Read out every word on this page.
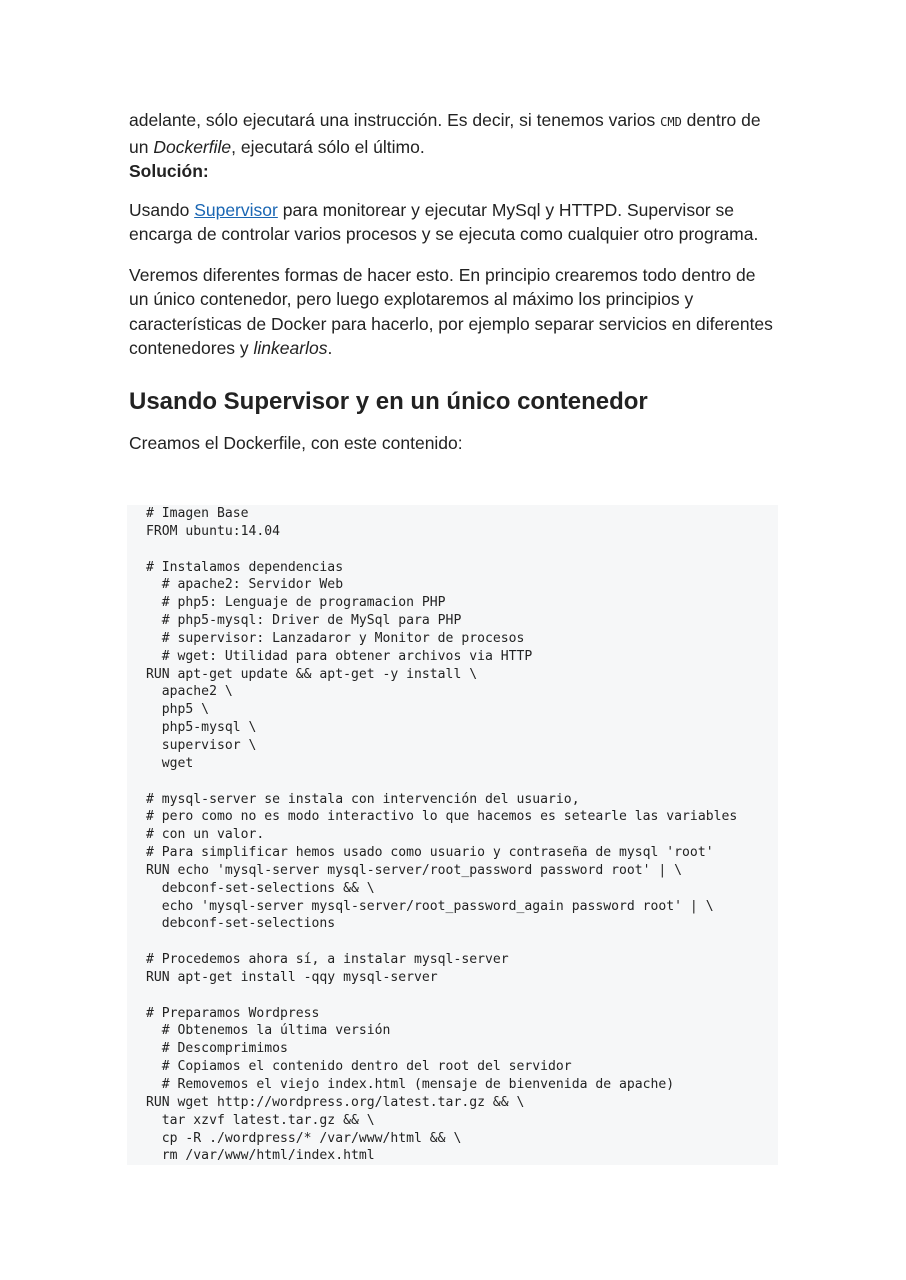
adelante, sólo ejecutará una instrucción. Es decir, si tenemos varios CMD dentro de un Dockerfile, ejecutará sólo el último.

Solución:

Usando Supervisor para monitorear y ejecutar MySql y HTTPD. Supervisor se encarga de controlar varios procesos y se ejecuta como cualquier otro programa.

Veremos diferentes formas de hacer esto. En principio crearemos todo dentro de un único contenedor, pero luego explotaremos al máximo los principios y características de Docker para hacerlo, por ejemplo separar servicios en diferentes contenedores y linkearlos.

Usando Supervisor y en un único contenedor

Creamos el Dockerfile, con este contenido:

# Imagen Base
FROM ubuntu:14.04

# Instalamos dependencias
# apache2: Servidor Web
# php5: Lenguaje de programacion PHP
# php5-mysql: Driver de MySql para PHP
# supervisor: Lanzadaror y Monitor de procesos
# wget: Utilidad para obtener archivos via HTTP
RUN apt-get update && apt-get -y install \
apache2 \
php5 \
php5-mysql \
supervisor \
wget

# mysql-server se instala con intervención del usuario,
# pero como no es modo interactivo lo que hacemos es setearle las variables
# con un valor.
# Para simplificar hemos usado como usuario y contraseña de mysql 'root'
RUN echo 'mysql-server mysql-server/root_password password root' | \
debconf-set-selections && \
echo 'mysql-server mysql-server/root_password_again password root' | \
debconf-set-selections

# Procedemos ahora sí, a instalar mysql-server
RUN apt-get install -qqy mysql-server

# Preparamos Wordpress
# Obtenemos la última versión
# Descomprimimos
# Copiamos el contenido dentro del root del servidor
# Removemos el viejo index.html (mensaje de bienvenida de apache)
RUN wget http://wordpress.org/latest.tar.gz && \
tar xzvf latest.tar.gz && \
cp -R ./wordpress/* /var/www/html && \
rm /var/www/html/index.html
